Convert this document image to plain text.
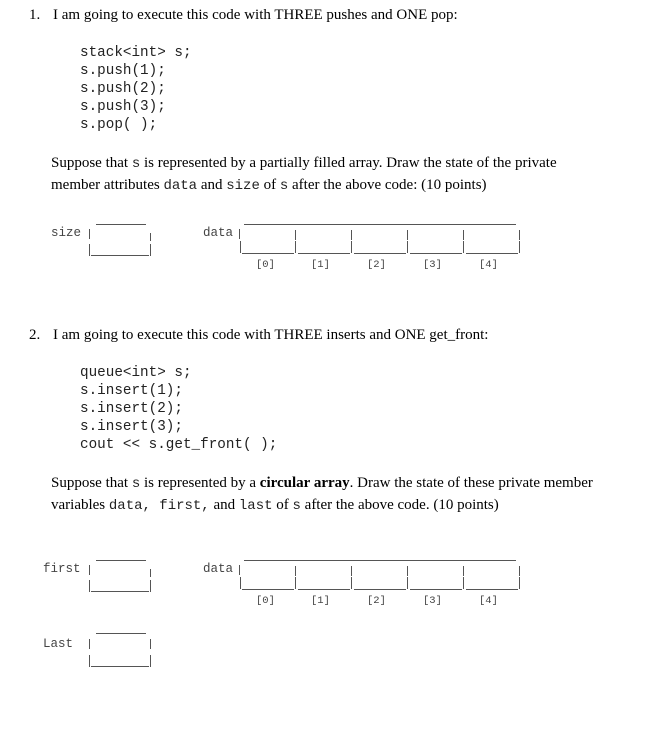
1. I am going to execute this code with THREE pushes and ONE pop:
stack<int> s;
s.push(1);
s.push(2);
s.push(3);
s.pop( );
Suppose that s is represented by a partially filled array. Draw the state of the private
member attributes data and size of s after the above code: (10 points)
size	data
[0]	[1]	[2]	[3]	[4]
2. I am going to execute this code with THREE inserts and ONE get_front:
queue<int> s;
s.insert(1);
s.insert(2);
s.insert(3);
cout << s.get_front( );
Suppose that s is represented by a circular array. Draw the state of these private member
variables data, first, and last of s after the above code. (10 points)
first	data
[0]	[1]	[2]	[3]	[4]
Last
